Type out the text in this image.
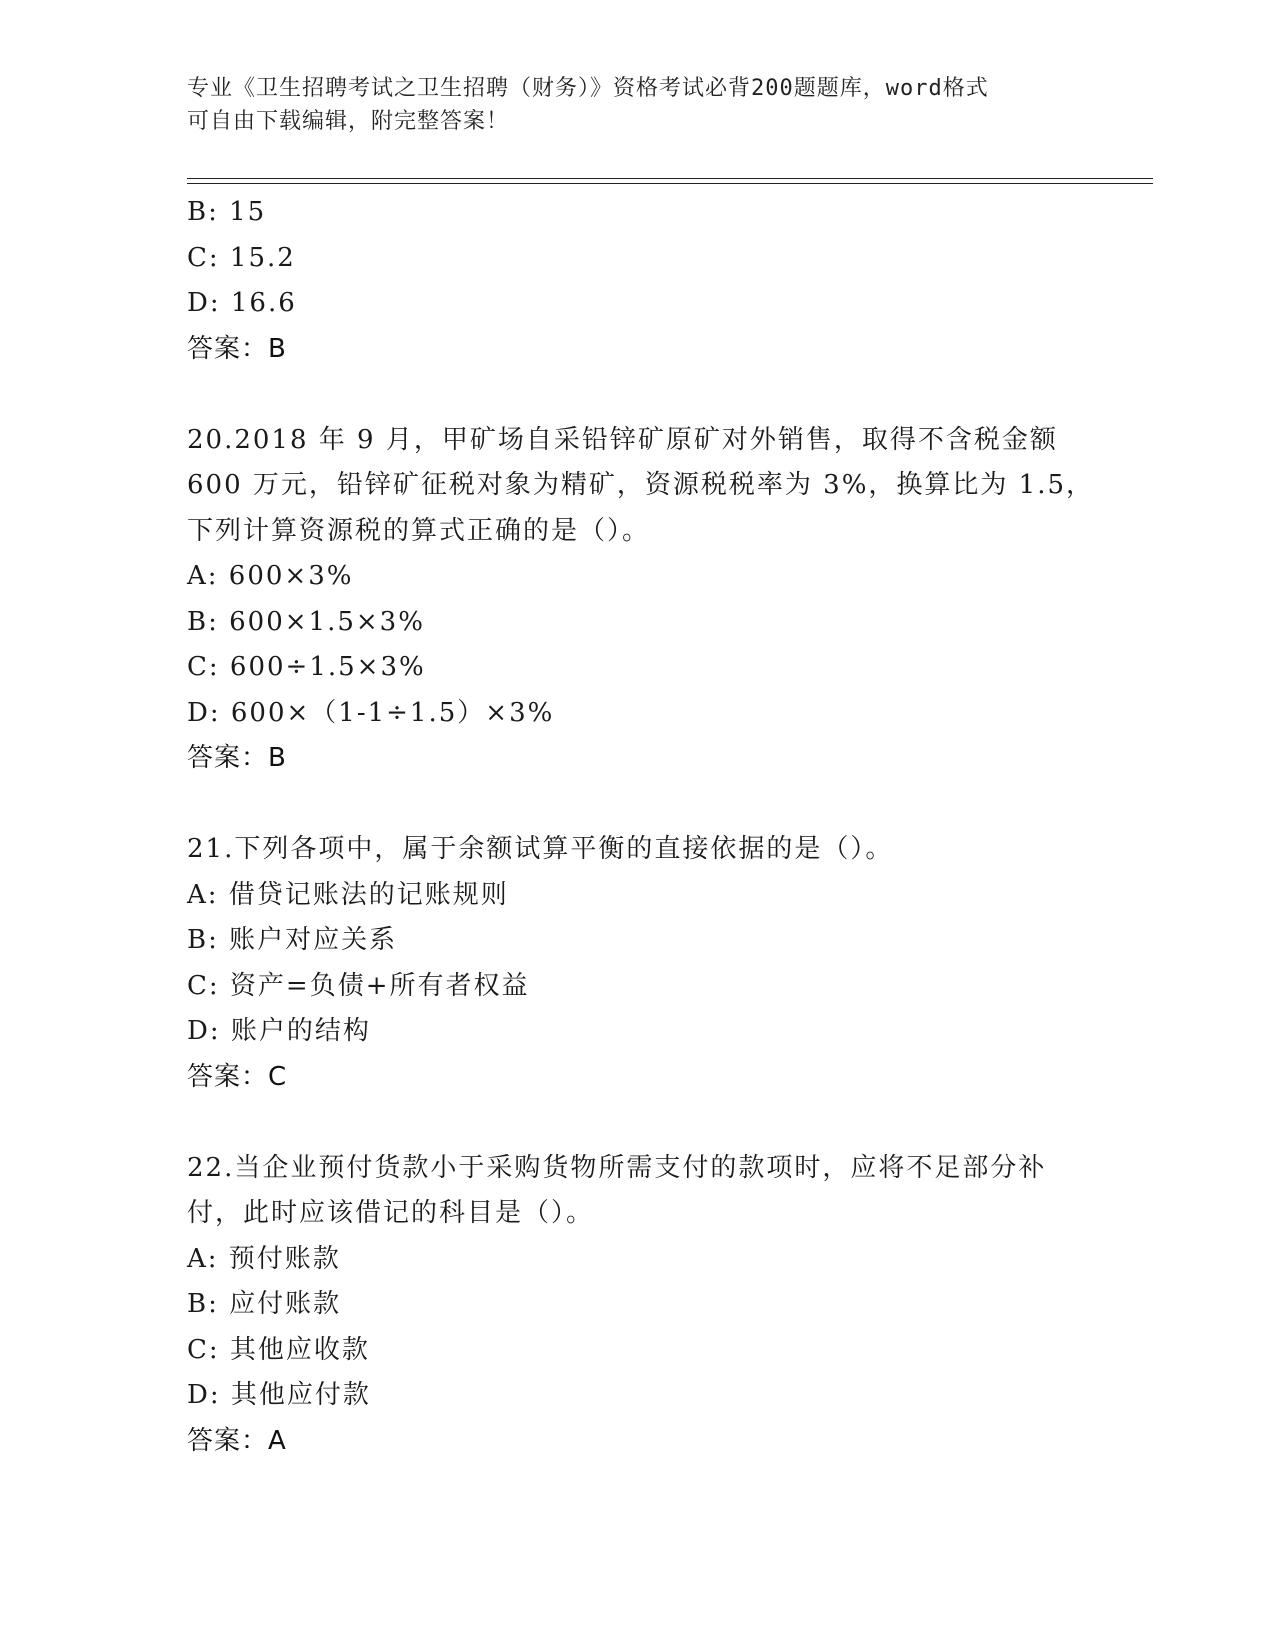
专业《卫生招聘考试之卫生招聘（财务）》资格考试必背200题题库，word格式
可自由下载编辑，附完整答案！
B: 15
C: 15.2
D: 16.6
答案：B
20.2018 年 9 月，甲矿场自采铅锌矿原矿对外销售，取得不含税金额
600 万元，铅锌矿征税对象为精矿，资源税税率为 3%，换算比为 1.5，
下列计算资源税的算式正确的是（）。
A: 600×3%
B: 600×1.5×3%
C: 600÷1.5×3%
D: 600×（1-1÷1.5）×3%
答案：B
21.下列各项中，属于余额试算平衡的直接依据的是（）。
A: 借贷记账法的记账规则
B: 账户对应关系
C: 资产=负债+所有者权益
D: 账户的结构
答案：C
22.当企业预付货款小于采购货物所需支付的款项时，应将不足部分补
付，此时应该借记的科目是（）。
A: 预付账款
B: 应付账款
C: 其他应收款
D: 其他应付款
答案：A
